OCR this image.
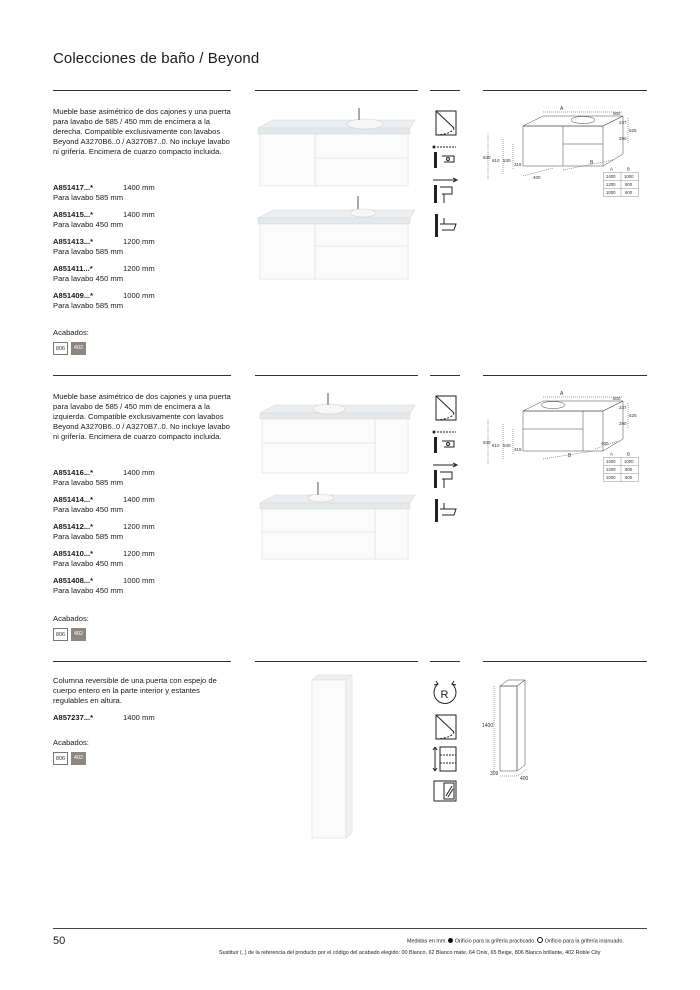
Colecciones de baño / Beyond
Mueble base asimétrico de dos cajones y una puerta para lavabo de 585 / 450 mm de encimera a la derecha. Compatible exclusivamente con lavabos Beyond A3270B6..0 / A3270B7..0. No incluye lavabo ni grifería. Encimera de cuarzo compacto incluida.
A851417...*	1400 mm

Para lavabo 585 mm
A851415...*	1400 mm

Para lavabo 450 mm
A851413...*	1200 mm

Para lavabo 585 mm
A851411...*	1200 mm

Para lavabo 450 mm
A851409...*	1000 mm

Para lavabo 585 mm
Acabados:
806	402
A
500
237
525
290
840
610 530
315	B
400
A	B
1400 1000
1200 800
1000 600
Mueble base asimétrico de dos cajones y una puerta para lavabo de 585 / 450 mm de encimera a la izquierda. Compatible exclusivamente con lavabos Beyond A3270B6..0 / A3270B7..0. No incluye lavabo ni grifería. Encimera de cuarzo compacto incluida.
A851416...*	1400 mm

Para lavabo 585 mm
A851414...*	1400 mm

Para lavabo 450 mm
A851412...*	1200 mm

Para lavabo 585 mm
A851410...*	1200 mm

Para lavabo 450 mm
A851408...*	1000 mm

Para lavabo 450 mm
Acabados:
806	402
A
500
237
525
290
840
610 530
315
B
400
A	B
1400 1000
1200 800
1000 600
Columna reversible de una puerta con espejo de cuerpo entero en la parte interior y estantes regulables en altura.
A857237...*	1400 mm
Acabados:
806	402
R
1400
309
400
50	Medidas en mm. Orificio para la grifería practicado. Orificio para la grifería insinuado.
Sustituir (..) de la referencia del producto por el código del acabado elegido: 00 Blanco, 62 Blanco mate, 64 Onix, 65 Beige, 806 Blanco brillante, 402 Roble City
